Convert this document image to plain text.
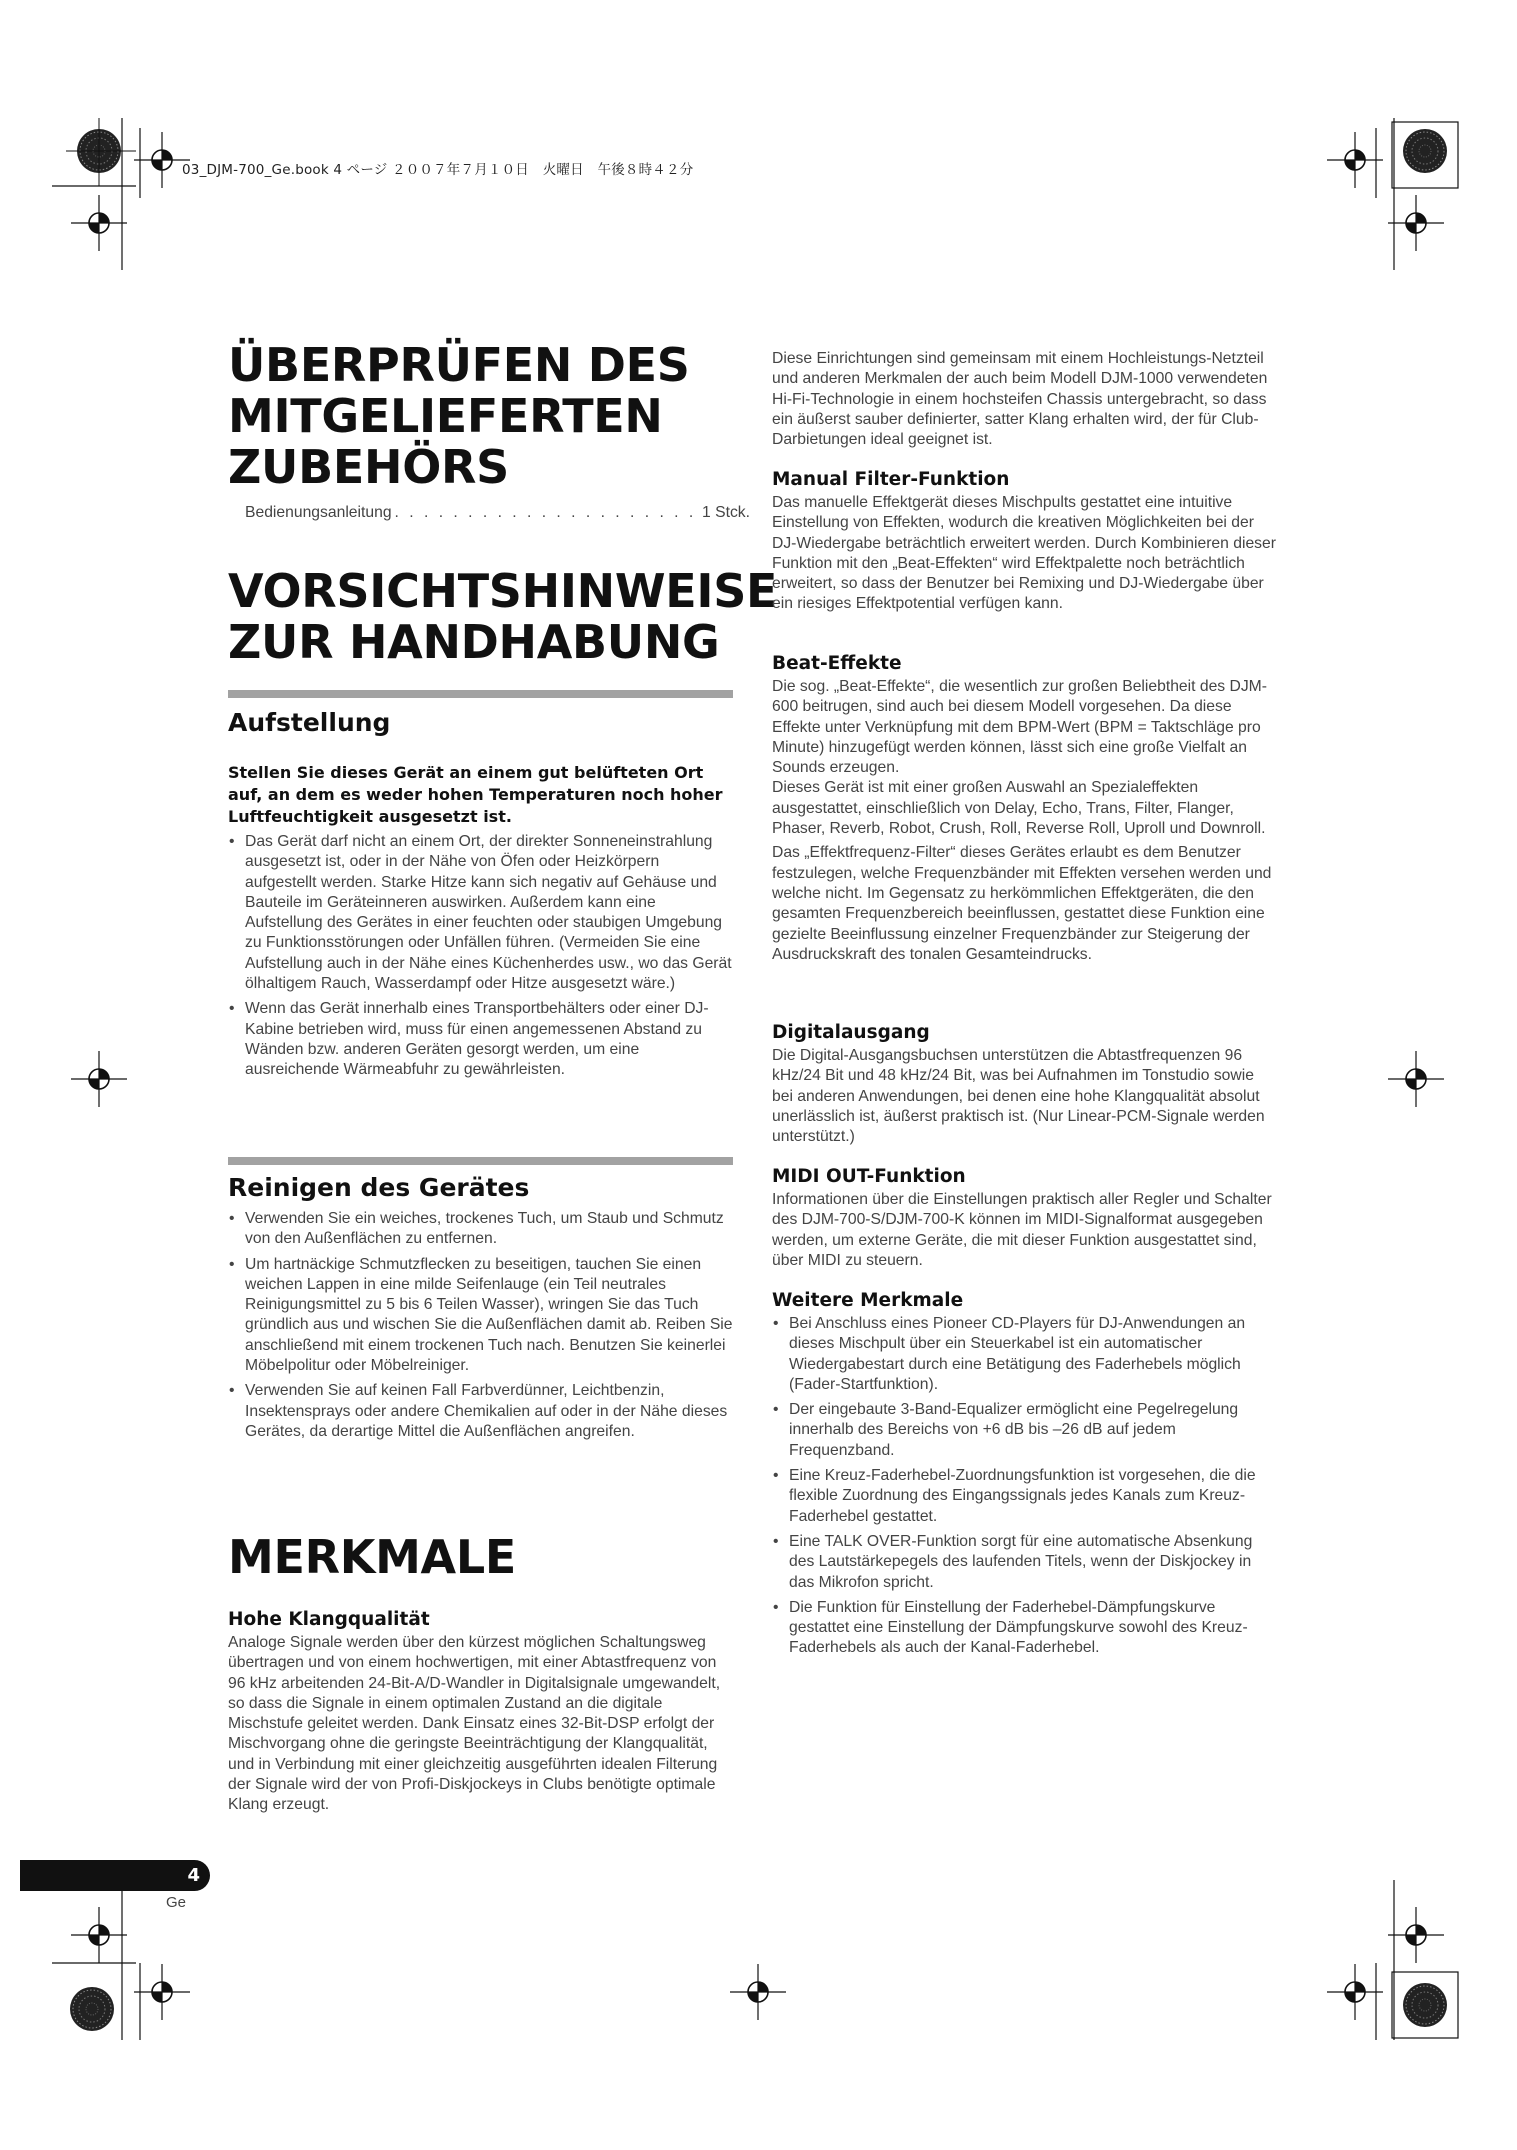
03_DJM-700_Ge.book 4 ページ ２００７年７月１０日　火曜日　午後８時４２分
ÜBERPRÜFEN DES
MITGELIEFERTEN
ZUBEHÖRS
Bedienungsanleitung
. . .	1 Stck.
VORSICHTSHINWEISE
ZUR HANDHABUNG
Aufstellung

Stellen Sie dieses Gerät an einem gut belüfteten Ort auf, an dem es weder hohen Temperaturen noch hoher Luftfeuchtigkeit ausgesetzt ist.

• Das Gerät darf nicht an einem Ort, der direkter Sonneneinstrahlung ausgesetzt ist, oder in der Nähe von Öfen oder Heizkörpern aufgestellt werden. Starke Hitze kann sich negativ auf Gehäuse und Bauteile im Geräteinneren auswirken. Außerdem kann eine Aufstellung des Gerätes in einer feuchten oder staubigen Umgebung zu Funktionsstörungen oder Unfällen führen. (Vermeiden Sie eine Aufstellung auch in der Nähe eines Küchenherdes usw., wo das Gerät ölhaltigem Rauch, Wasserdampf oder Hitze ausgesetzt wäre.)
• Wenn das Gerät innerhalb eines Transportbehälters oder einer DJ-Kabine betrieben wird, muss für einen angemessenen Abstand zu Wänden bzw. anderen Geräten gesorgt werden, um eine ausreichende Wärmeabfuhr zu gewährleisten.
Reinigen des Gerätes
• Verwenden Sie ein weiches, trockenes Tuch, um Staub und Schmutz von den Außenflächen zu entfernen.
• Um hartnäckige Schmutzflecken zu beseitigen, tauchen Sie einen weichen Lappen in eine milde Seifenlauge (ein Teil neutrales Reinigungsmittel zu 5 bis 6 Teilen Wasser), wringen Sie das Tuch gründlich aus und wischen Sie die Außenflächen damit ab. Reiben Sie anschließend mit einem trockenen Tuch nach. Benutzen Sie keinerlei Möbelpolitur oder Möbelreiniger.
• Verwenden Sie auf keinen Fall Farbverdünner, Leichtbenzin, Insektensprays oder andere Chemikalien auf oder in der Nähe dieses Gerätes, da derartige Mittel die Außenflächen angreifen.
MERKMALE
Hohe Klangqualität

Analoge Signale werden über den kürzest möglichen Schaltungsweg übertragen und von einem hochwertigen, mit einer Abtastfrequenz von 96 kHz arbeitenden 24-Bit-A/D-Wandler in Digitalsignale umgewandelt, so dass die Signale in einem optimalen Zustand an die digitale Mischstufe geleitet werden. Dank Einsatz eines 32-Bit-DSP erfolgt der Mischvorgang ohne die geringste Beeinträchtigung der Klangqualität, und in Verbindung mit einer gleichzeitig ausgeführten idealen Filterung der Signale wird der von Profi-Diskjockeys in Clubs benötigte optimale Klang erzeugt.

Diese Einrichtungen sind gemeinsam mit einem Hochleistungs-Netzteil und anderen Merkmalen der auch beim Modell DJM-1000 verwendeten Hi-Fi-Technologie in einem hochsteifen Chassis untergebracht, so dass ein äußerst sauber definierter, satter Klang erhalten wird, der für Club-Darbietungen ideal geeignet ist.

Manual Filter-Funktion

Das manuelle Effektgerät dieses Mischpults gestattet eine intuitive Einstellung von Effekten, wodurch die kreativen Möglichkeiten bei der DJ-Wiedergabe beträchtlich erweitert werden. Durch Kombinieren dieser Funktion mit den „Beat-Effekten“ wird Effektpalette noch beträchtlich erweitert, so dass der Benutzer bei Remixing und DJ-Wiedergabe über ein riesiges Effektpotential verfügen kann.

Beat-Effekte

Die sog. „Beat-Effekte“, die wesentlich zur großen Beliebtheit des DJM-600 beitrugen, sind auch bei diesem Modell vorgesehen. Da diese Effekte unter Verknüpfung mit dem BPM-Wert (BPM = Taktschläge pro Minute) hinzugefügt werden können, lässt sich eine große Vielfalt an Sounds erzeugen.

Dieses Gerät ist mit einer großen Auswahl an Spezialeffekten ausgestattet, einschließlich von Delay, Echo, Trans, Filter, Flanger, Phaser, Reverb, Robot, Crush, Roll, Reverse Roll, Uproll und Downroll.

Das „Effektfrequenz-Filter“ dieses Gerätes erlaubt es dem Benutzer festzulegen, welche Frequenzbänder mit Effekten versehen werden und welche nicht. Im Gegensatz zu herkömmlichen Effektgeräten, die den gesamten Frequenzbereich beeinflussen, gestattet diese Funktion eine gezielte Beeinflussung einzelner Frequenzbänder zur Steigerung der Ausdruckskraft des tonalen Gesamteindrucks.

Digitalausgang

Die Digital-Ausgangsbuchsen unterstützen die Abtastfrequenzen 96 kHz/24 Bit und 48 kHz/24 Bit, was bei Aufnahmen im Tonstudio sowie bei anderen Anwendungen, bei denen eine hohe Klangqualität absolut unerlässlich ist, äußerst praktisch ist. (Nur Linear-PCM-Signale werden unterstützt.)

MIDI OUT-Funktion

Informationen über die Einstellungen praktisch aller Regler und Schalter des DJM-700-S/DJM-700-K können im MIDI-Signalformat ausgegeben werden, um externe Geräte, die mit dieser Funktion ausgestattet sind, über MIDI zu steuern.

Weitere Merkmale
• Bei Anschluss eines Pioneer CD-Players für DJ-Anwendungen an dieses Mischpult über ein Steuerkabel ist ein automatischer Wiedergabestart durch eine Betätigung des Faderhebels möglich (Fader-Startfunktion).
• Der eingebaute 3-Band-Equalizer ermöglicht eine Pegelregelung innerhalb des Bereichs von +6 dB bis –26 dB auf jedem Frequenzband.
• Eine Kreuz-Faderhebel-Zuordnungsfunktion ist vorgesehen, die die flexible Zuordnung des Eingangssignals jedes Kanals zum Kreuz-Faderhebel gestattet.
• Eine TALK OVER-Funktion sorgt für eine automatische Absenkung des Lautstärkepegels des laufenden Titels, wenn der Diskjockey in das Mikrofon spricht.
• Die Funktion für Einstellung der Faderhebel-Dämpfungskurve gestattet eine Einstellung der Dämpfungskurve sowohl des Kreuz-Faderhebels als auch der Kanal-Faderhebel.
4
Ge
